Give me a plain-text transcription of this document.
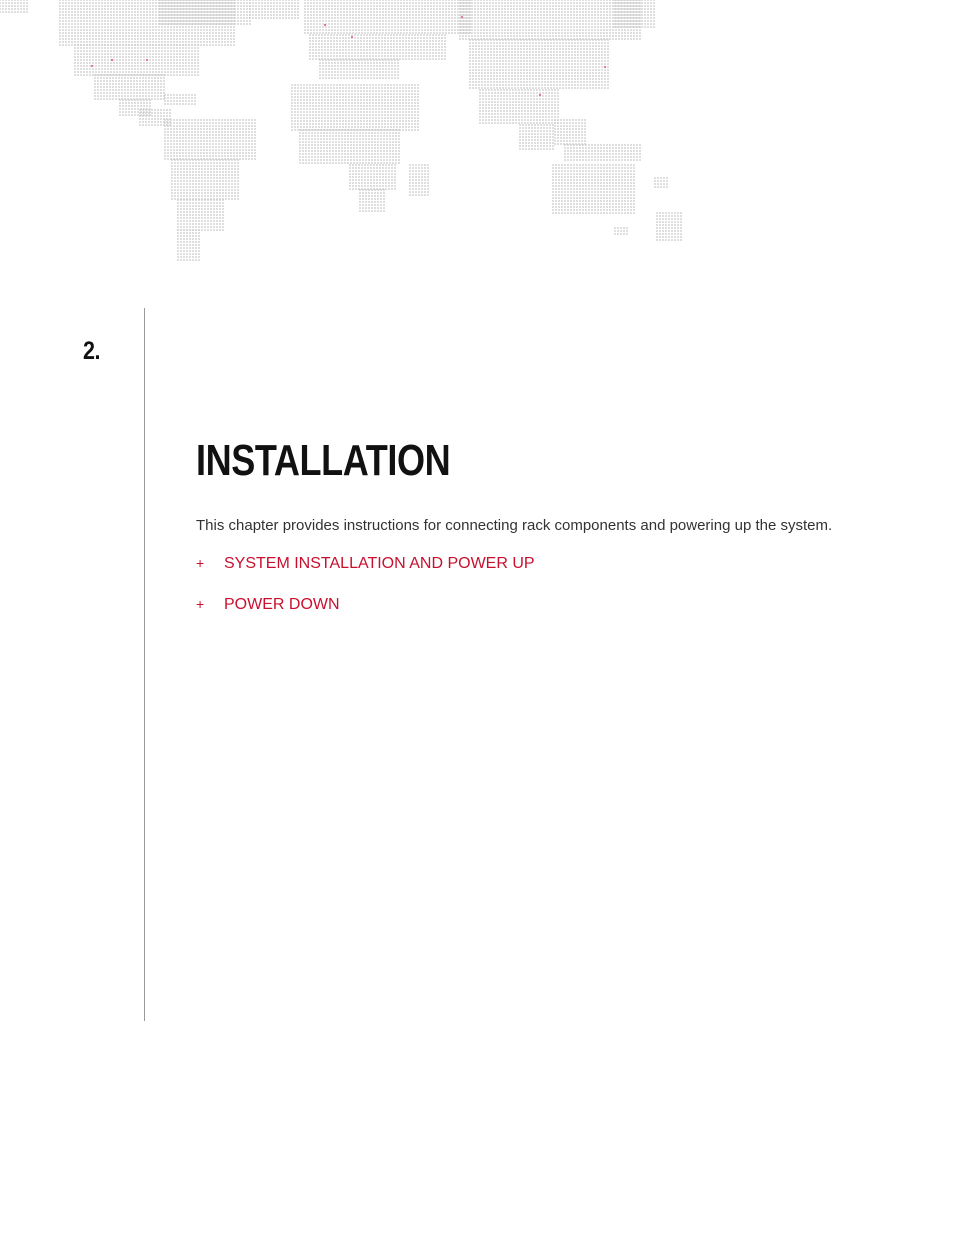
2.
INSTALLATION

This chapter provides instructions for connecting rack components and powering up the system.

+	SYSTEM INSTALLATION AND POWER UP
+	POWER DOWN
